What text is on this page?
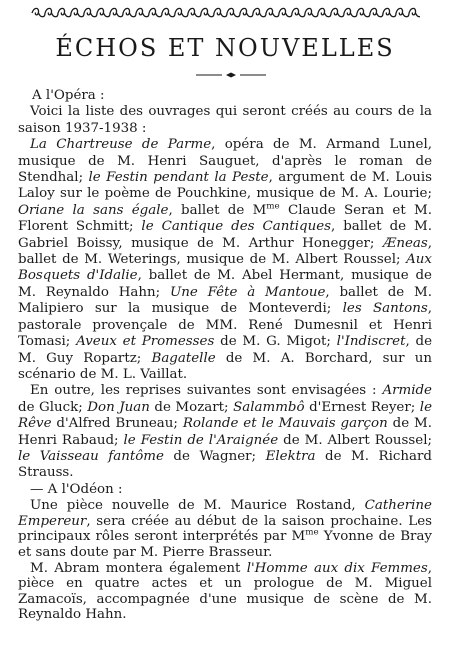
ÉCHOS ET NOUVELLES

A l'Opéra :

Voici la liste des ouvrages qui seront créés au cours de la saison 1937-1938 :

La Chartreuse de Parme, opéra de M. Armand Lunel, musique de M. Henri Sauguet, d'après le roman de Stendhal; le Festin pendant la Peste, argument de M. Louis Laloy sur le poème de Pouchkine, musique de M. A. Lourie; Oriane la sans égale, ballet de $M^{me}$ Claude Seran et M. Florent Schmitt; le Cantique des Cantiques, ballet de M. Gabriel Boissy, musique de M. Arthur Honegger; Æneas, ballet de M. Weterings, musique de M. Albert Roussel; Aux Bosquets d'Idalie, ballet de M. Abel Hermant, musique de M. Reynaldo Hahn; Une Fête à Mantoue, ballet de M. Malipiero sur la musique de Monteverdi; les Santons, pastorale provençale de MM. René Dumesnil et Henri Tomasi; Aveux et Promesses de M. G. Migot; l'Indiscret, de M. Guy Ropartz; Bagatelle de M. A. Borchard, sur un scénario de M. L. Vaillat.

En outre, les reprises suivantes sont envisagées : Armide de Gluck; Don Juan de Mozart; Salammbô d'Ernest Reyer; le Rêve d'Alfred Bruneau; Rolande et le Mauvais garçon de M. Henri Rabaud; le Festin de l'Araignée de M. Albert Roussel; le Vaisseau fantôme de Wagner; Elektra de M. Richard Strauss.

— A l'Odéon :

Une pièce nouvelle de M. Maurice Rostand, Catherine Empereur, sera créée au début de la saison prochaine. Les principaux rôles seront interprétés par $M^{me}$ Yvonne de Bray et sans doute par M. Pierre Brasseur.

M. Abram montera également l'Homme aux dix Femmes, pièce en quatre actes et un prologue de M. Miguel Zamacoïs, accompagnée d'une musique de scène de M. Reynaldo Hahn.
